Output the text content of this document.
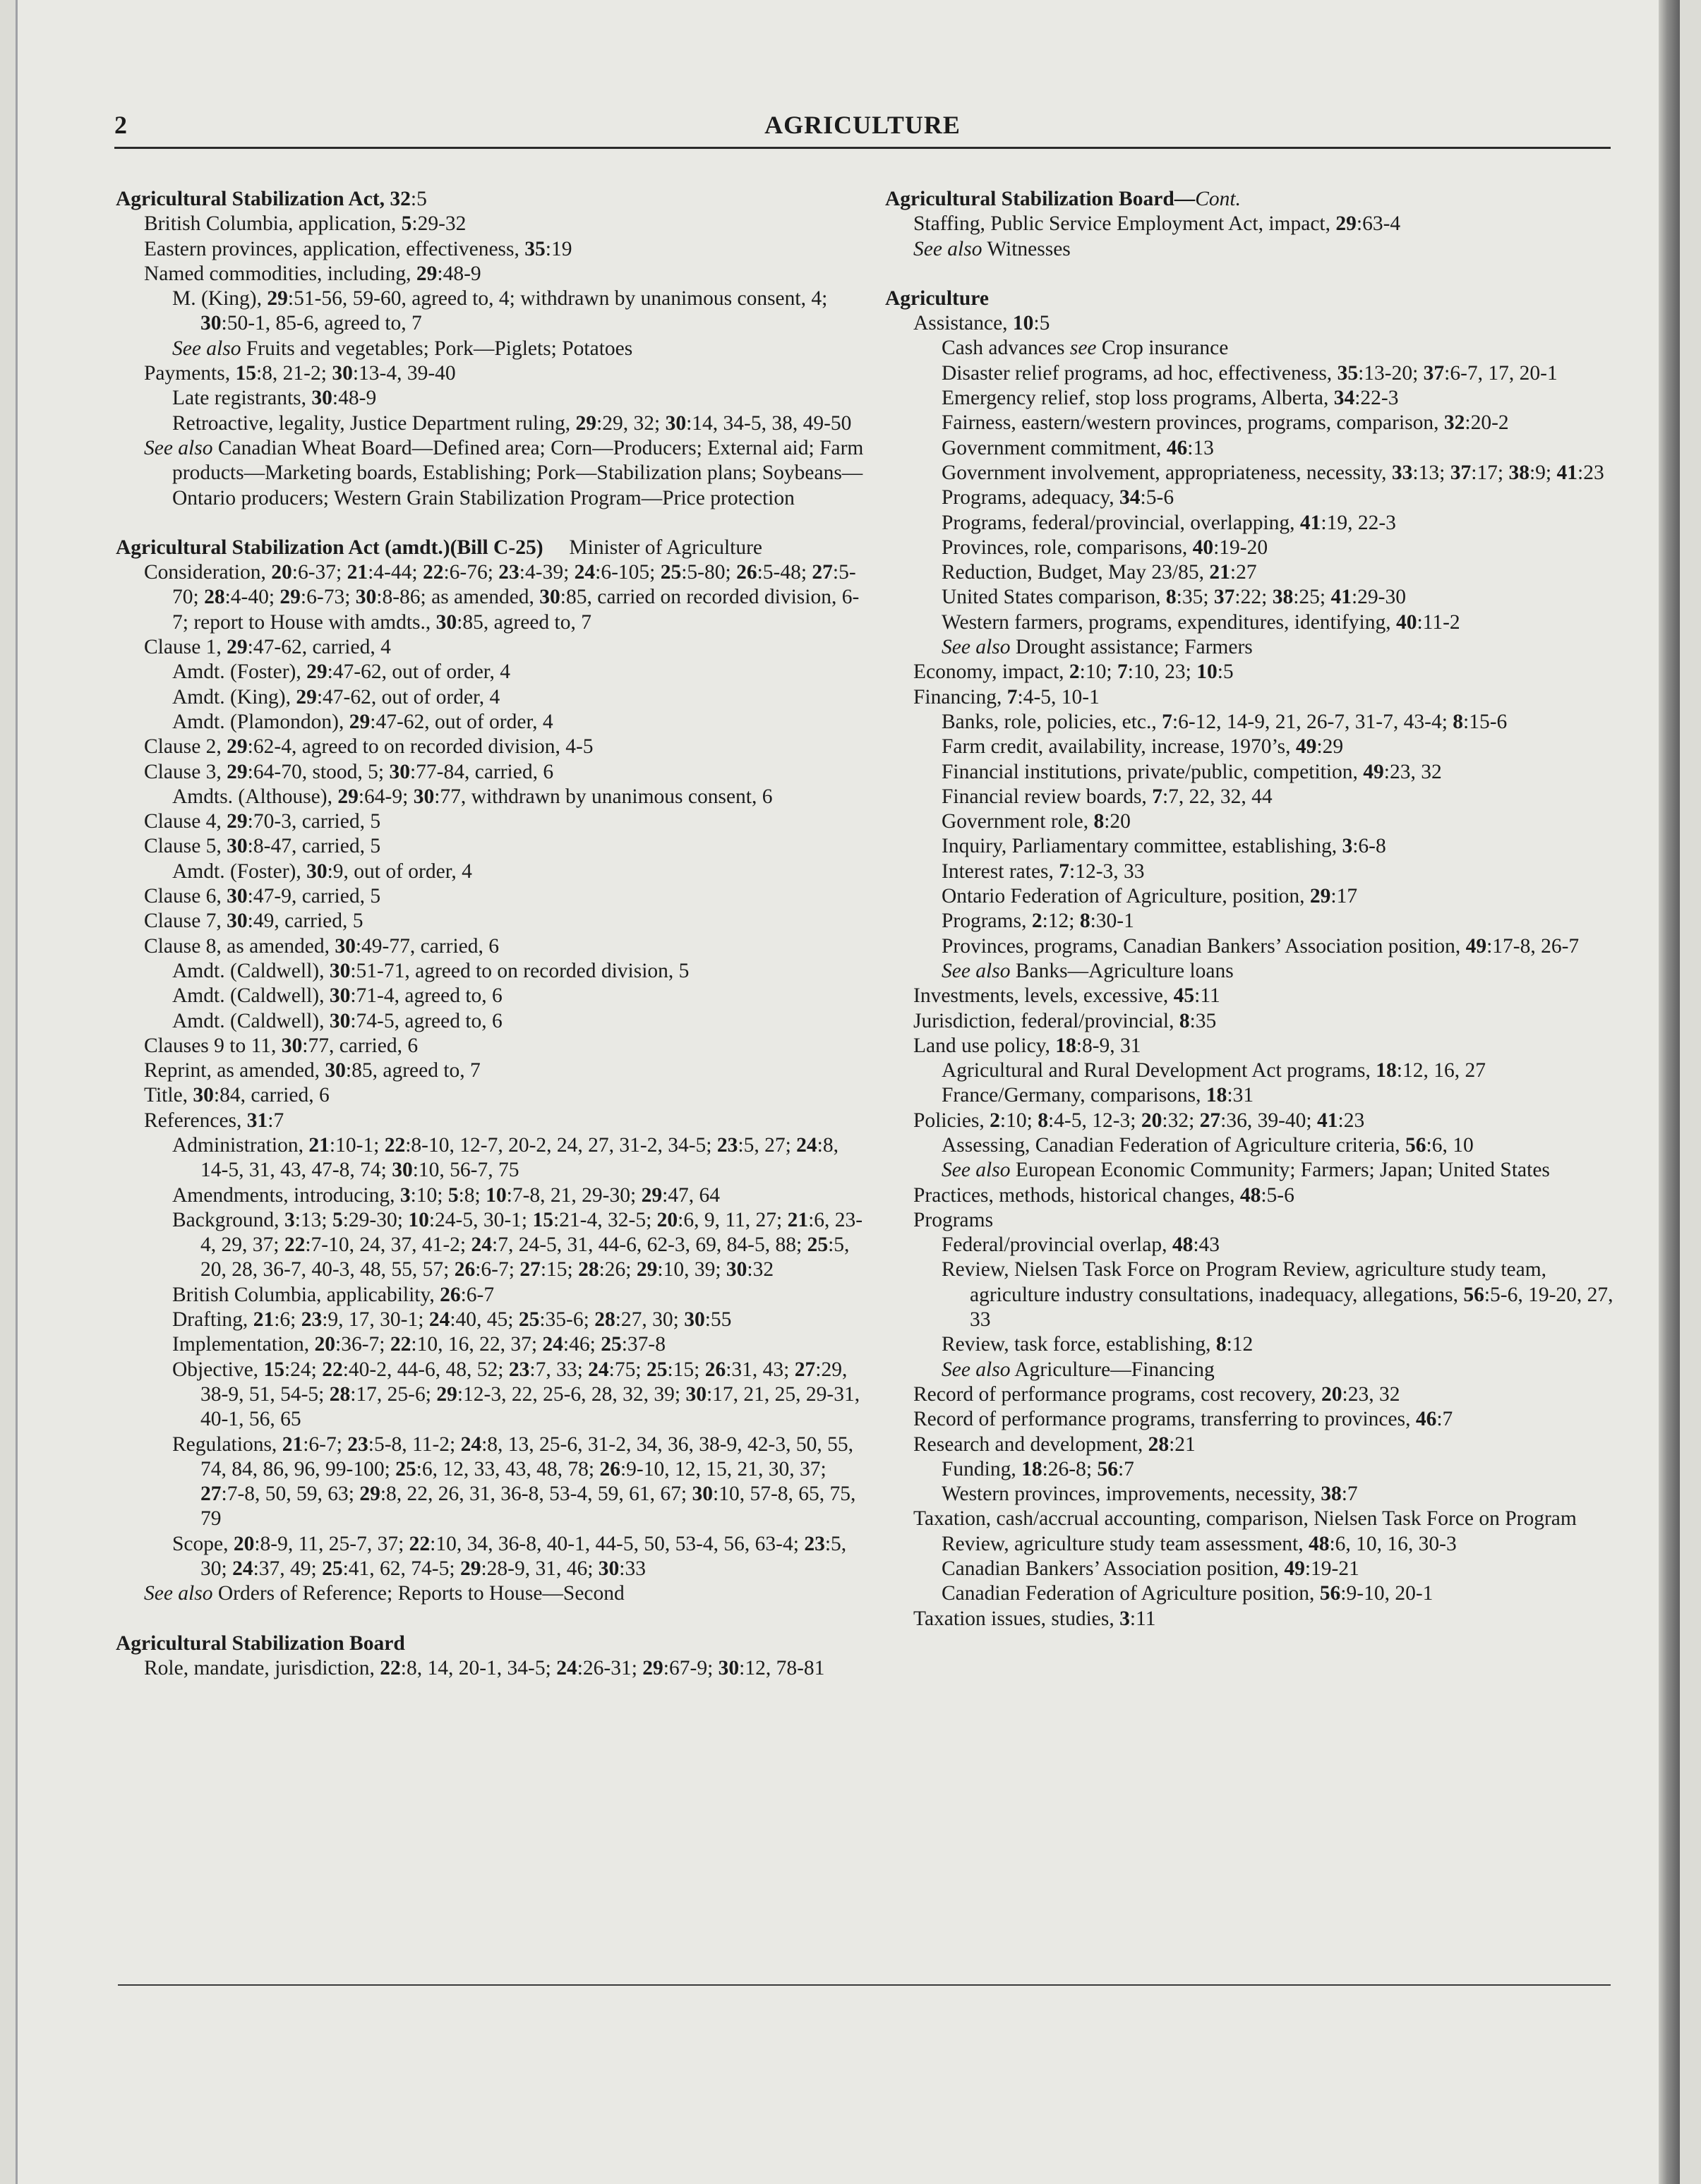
2	AGRICULTURE
Agricultural Stabilization Act, 32:5
British Columbia, application, 5:29-32
Eastern provinces, application, effectiveness, 35:19
Named commodities, including, 29:48-9
M. (King), 29:51-56, 59-60, agreed to, 4; withdrawn by unanimous consent, 4; 30:50-1, 85-6, agreed to, 7
See also Fruits and vegetables; Pork—Piglets; Potatoes
Payments, 15:8, 21-2; 30:13-4, 39-40
Late registrants, 30:48-9
Retroactive, legality, Justice Department ruling, 29:29, 32; 30:14, 34-5, 38, 49-50
See also Canadian Wheat Board—Defined area; Corn—Producers; External aid; Farm products—Marketing boards, Establishing; Pork—Stabilization plans; Soybeans—Ontario producers; Western Grain Stabilization Program—Price protection
Agricultural Stabilization Act (amdt.)(Bill C-25)     Minister of Agriculture
Consideration, 20:6-37; 21:4-44; 22:6-76; 23:4-39; 24:6-105; 25:5-80; 26:5-48; 27:5-70; 28:4-40; 29:6-73; 30:8-86; as amended, 30:85, carried on recorded division, 6-7; report to House with amdts., 30:85, agreed to, 7
Clause 1, 29:47-62, carried, 4
Amdt. (Foster), 29:47-62, out of order, 4
Amdt. (King), 29:47-62, out of order, 4
Amdt. (Plamondon), 29:47-62, out of order, 4
Clause 2, 29:62-4, agreed to on recorded division, 4-5
Clause 3, 29:64-70, stood, 5; 30:77-84, carried, 6
Amdts. (Althouse), 29:64-9; 30:77, withdrawn by unanimous consent, 6
Clause 4, 29:70-3, carried, 5
Clause 5, 30:8-47, carried, 5
Amdt. (Foster), 30:9, out of order, 4
Clause 6, 30:47-9, carried, 5
Clause 7, 30:49, carried, 5
Clause 8, as amended, 30:49-77, carried, 6
Amdt. (Caldwell), 30:51-71, agreed to on recorded division, 5
Amdt. (Caldwell), 30:71-4, agreed to, 6
Amdt. (Caldwell), 30:74-5, agreed to, 6
Clauses 9 to 11, 30:77, carried, 6
Reprint, as amended, 30:85, agreed to, 7
Title, 30:84, carried, 6
References, 31:7
Administration, 21:10-1; 22:8-10, 12-7, 20-2, 24, 27, 31-2, 34-5; 23:5, 27; 24:8, 14-5, 31, 43, 47-8, 74; 30:10, 56-7, 75
Amendments, introducing, 3:10; 5:8; 10:7-8, 21, 29-30; 29:47, 64
Background, 3:13; 5:29-30; 10:24-5, 30-1; 15:21-4, 32-5; 20:6, 9, 11, 27; 21:6, 23-4, 29, 37; 22:7-10, 24, 37, 41-2; 24:7, 24-5, 31, 44-6, 62-3, 69, 84-5, 88; 25:5, 20, 28, 36-7, 40-3, 48, 55, 57; 26:6-7; 27:15; 28:26; 29:10, 39; 30:32
British Columbia, applicability, 26:6-7
Drafting, 21:6; 23:9, 17, 30-1; 24:40, 45; 25:35-6; 28:27, 30; 30:55
Implementation, 20:36-7; 22:10, 16, 22, 37; 24:46; 25:37-8
Objective, 15:24; 22:40-2, 44-6, 48, 52; 23:7, 33; 24:75; 25:15; 26:31, 43; 27:29, 38-9, 51, 54-5; 28:17, 25-6; 29:12-3, 22, 25-6, 28, 32, 39; 30:17, 21, 25, 29-31, 40-1, 56, 65
Regulations, 21:6-7; 23:5-8, 11-2; 24:8, 13, 25-6, 31-2, 34, 36, 38-9, 42-3, 50, 55, 74, 84, 86, 96, 99-100; 25:6, 12, 33, 43, 48, 78; 26:9-10, 12, 15, 21, 30, 37; 27:7-8, 50, 59, 63; 29:8, 22, 26, 31, 36-8, 53-4, 59, 61, 67; 30:10, 57-8, 65, 75, 79
Scope, 20:8-9, 11, 25-7, 37; 22:10, 34, 36-8, 40-1, 44-5, 50, 53-4, 56, 63-4; 23:5, 30; 24:37, 49; 25:41, 62, 74-5; 29:28-9, 31, 46; 30:33
See also Orders of Reference; Reports to House—Second
Agricultural Stabilization Board
Role, mandate, jurisdiction, 22:8, 14, 20-1, 34-5; 24:26-31; 29:67-9; 30:12, 78-81
Agricultural Stabilization Board—Cont.
Staffing, Public Service Employment Act, impact, 29:63-4
See also Witnesses
Agriculture
Assistance, 10:5
Cash advances see Crop insurance
Disaster relief programs, ad hoc, effectiveness, 35:13-20; 37:6-7, 17, 20-1
Emergency relief, stop loss programs, Alberta, 34:22-3
Fairness, eastern/western provinces, programs, comparison, 32:20-2
Government commitment, 46:13
Government involvement, appropriateness, necessity, 33:13; 37:17; 38:9; 41:23
Programs, adequacy, 34:5-6
Programs, federal/provincial, overlapping, 41:19, 22-3
Provinces, role, comparisons, 40:19-20
Reduction, Budget, May 23/85, 21:27
United States comparison, 8:35; 37:22; 38:25; 41:29-30
Western farmers, programs, expenditures, identifying, 40:11-2
See also Drought assistance; Farmers
Economy, impact, 2:10; 7:10, 23; 10:5
Financing, 7:4-5, 10-1
Banks, role, policies, etc., 7:6-12, 14-9, 21, 26-7, 31-7, 43-4; 8:15-6
Farm credit, availability, increase, 1970’s, 49:29
Financial institutions, private/public, competition, 49:23, 32
Financial review boards, 7:7, 22, 32, 44
Government role, 8:20
Inquiry, Parliamentary committee, establishing, 3:6-8
Interest rates, 7:12-3, 33
Ontario Federation of Agriculture, position, 29:17
Programs, 2:12; 8:30-1
Provinces, programs, Canadian Bankers’ Association position, 49:17-8, 26-7
See also Banks—Agriculture loans
Investments, levels, excessive, 45:11
Jurisdiction, federal/provincial, 8:35
Land use policy, 18:8-9, 31
Agricultural and Rural Development Act programs, 18:12, 16, 27
France/Germany, comparisons, 18:31
Policies, 2:10; 8:4-5, 12-3; 20:32; 27:36, 39-40; 41:23
Assessing, Canadian Federation of Agriculture criteria, 56:6, 10
See also European Economic Community; Farmers; Japan; United States
Practices, methods, historical changes, 48:5-6
Programs
Federal/provincial overlap, 48:43
Review, Nielsen Task Force on Program Review, agriculture study team, agriculture industry consultations, inadequacy, allegations, 56:5-6, 19-20, 27, 33
Review, task force, establishing, 8:12
See also Agriculture—Financing
Record of performance programs, cost recovery, 20:23, 32
Record of performance programs, transferring to provinces, 46:7
Research and development, 28:21
Funding, 18:26-8; 56:7
Western provinces, improvements, necessity, 38:7
Taxation, cash/accrual accounting, comparison, Nielsen Task Force on Program Review, agriculture study team assessment, 48:6, 10, 16, 30-3
Canadian Bankers’ Association position, 49:19-21
Canadian Federation of Agriculture position, 56:9-10, 20-1
Taxation issues, studies, 3:11
